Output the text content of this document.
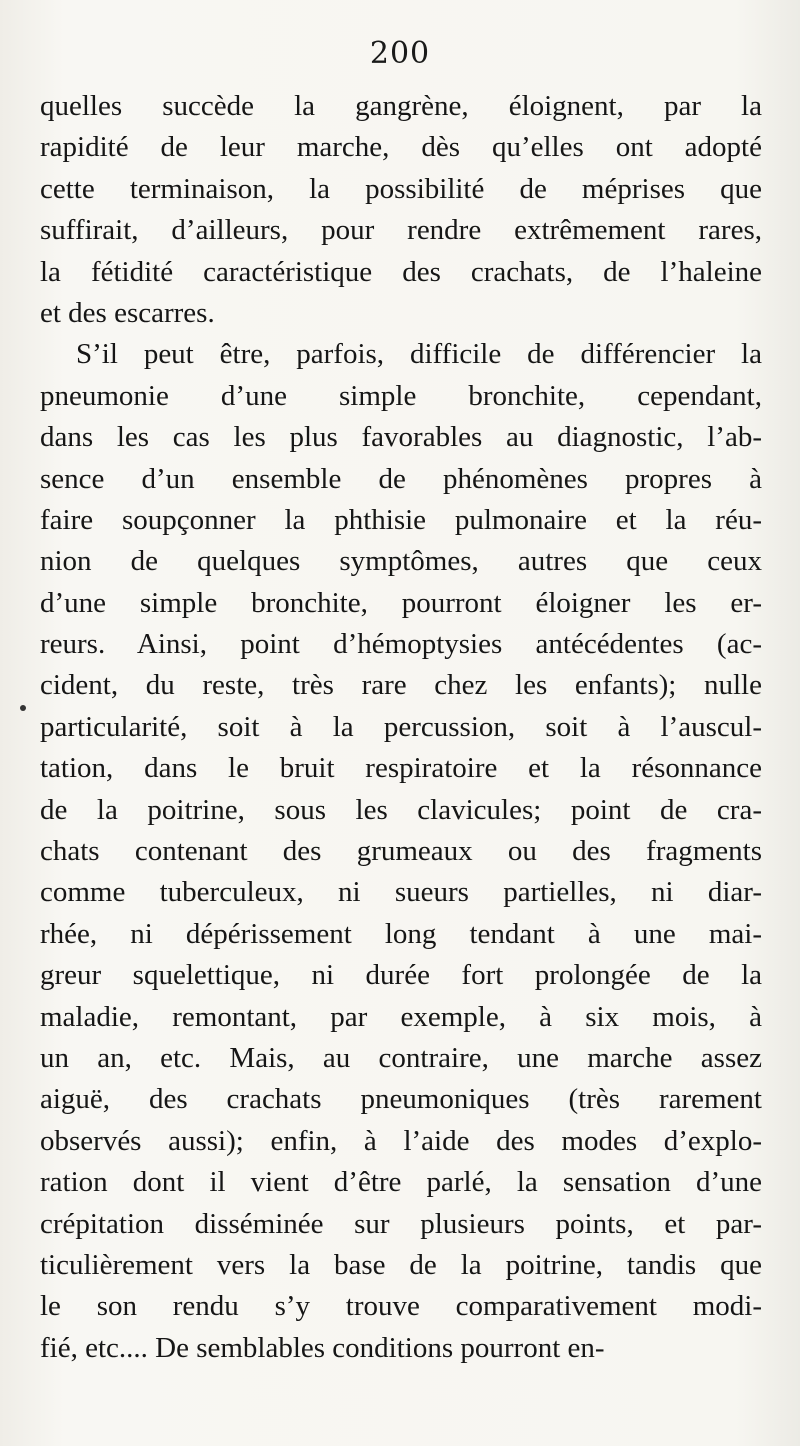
200
quelles succède la gangrène, éloignent, par la
rapidité de leur marche, dès qu’elles ont adopté
cette terminaison, la possibilité de méprises que
suffirait, d’ailleurs, pour rendre extrêmement rares,
la fétidité caractéristique des crachats, de l’haleine
et des escarres.
S’il peut être, parfois, difficile de différencier la
pneumonie d’une simple bronchite, cependant,
dans les cas les plus favorables au diagnostic, l’ab-
sence d’un ensemble de phénomènes propres à
faire soupçonner la phthisie pulmonaire et la réu-
nion de quelques symptômes, autres que ceux
d’une simple bronchite, pourront éloigner les er-
reurs. Ainsi, point d’hémoptysies antécédentes (ac-
cident, du reste, très rare chez les enfants); nulle
particularité, soit à la percussion, soit à l’auscul-
tation, dans le bruit respiratoire et la résonnance
de la poitrine, sous les clavicules; point de cra-
chats contenant des grumeaux ou des fragments
comme tuberculeux, ni sueurs partielles, ni diar-
rhée, ni dépérissement long tendant à une mai-
greur squelettique, ni durée fort prolongée de la
maladie, remontant, par exemple, à six mois, à
un an, etc. Mais, au contraire, une marche assez
aiguë, des crachats pneumoniques (très rarement
observés aussi); enfin, à l’aide des modes d’explo-
ration dont il vient d’être parlé, la sensation d’une
crépitation disséminée sur plusieurs points, et par-
ticulièrement vers la base de la poitrine, tandis que
le son rendu s’y trouve comparativement modi-
fié, etc.... De semblables conditions pourront en-
